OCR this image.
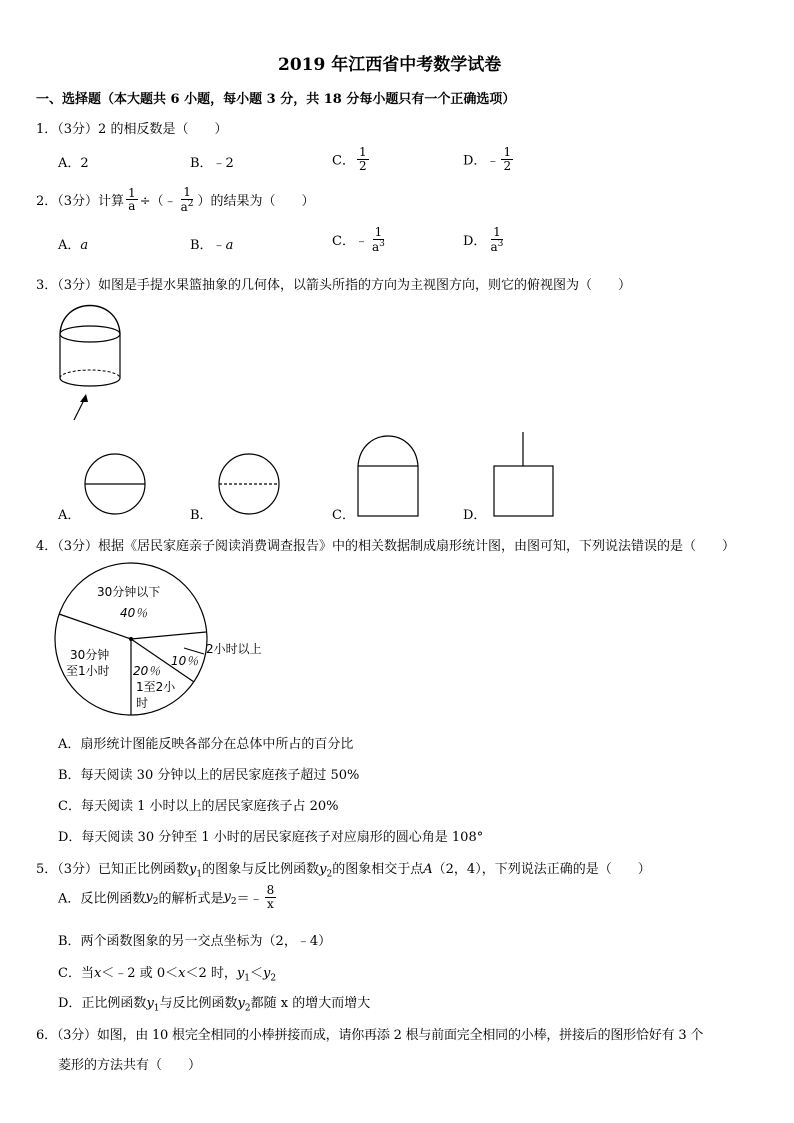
2019 年江西省中考数学试卷
一、选择题（本大题共 6 小题，每小题 3 分，共 18 分每小题只有一个正确选项）
1．（3分）2 的相反数是（　　）
A．2	B．﹣2	C． $\frac{1}{2}$	D．﹣ $\frac{1}{2}$
2．（3分）计算 $\frac{1}{a}$ ÷（﹣ $\frac{1}{a^2}$ ）的结果为（　　）
A．a	B．﹣a	C．﹣ $\frac{1}{a^3}$	D． $\frac{1}{a^3}$
3．（3分）如图是手提水果篮抽象的几何体，以箭头所指的方向为主视图方向，则它的俯视图为（　　）
A．	B．	C．	D．
4．（3分）根据《居民家庭亲子阅读消费调查报告》中的相关数据制成扇形统计图，由图可知，下列说法错误的是（　　）
30分钟以下
40％
2小时以上
10％
30分钟
至1小时 20％
1至2小
时
A．扇形统计图能反映各部分在总体中所占的百分比
B．每天阅读 30 分钟以上的居民家庭孩子超过 50%
C．每天阅读 1 小时以上的居民家庭孩子占 20%
D．每天阅读 30 分钟至 1 小时的居民家庭孩子对应扇形的圆心角是 108°
5．（3分）已知正比例函数$y_1$的图象与反比例函数$y_2$的图象相交于点A（2，4），下列说法正确的是（　　）
A．反比例函数$y_2$的解析式是$y_2=﹣ \frac{8}{x}$
B．两个函数图象的另一交点坐标为（2，﹣4）
C．当x＜﹣2 或 0＜x＜2 时，$y_1<y_2$
D．正比例函数$y_1$与反比例函数$y_2$都随 x 的增大而增大
6．（3分）如图，由 10 根完全相同的小棒拼接而成，请你再添 2 根与前面完全相同的小棒，拼接后的图形恰好有 3 个
菱形的方法共有（　　）
